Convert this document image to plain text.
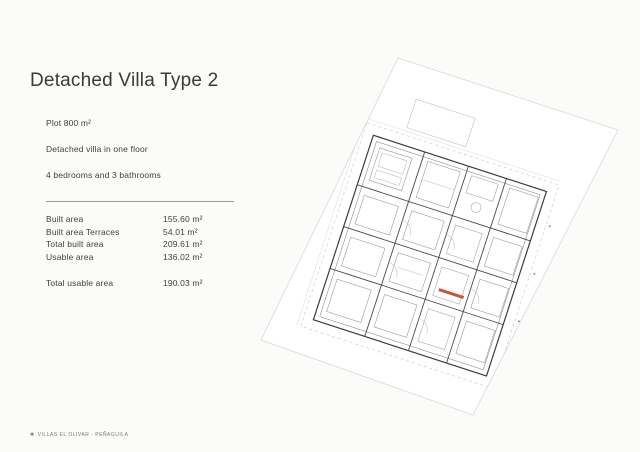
Detached Villa Type 2
Plot 800 m²
Detached villa in one floor
4 bedrooms and 3 bathrooms
Built area	155.60 m²
Built area Terraces	54.01 m²
Total built area	209.61 m²
Usable area	136.02 m²
Total usable area	190.03 m²
✱ VILLAS EL OLIVAR - PEÑAGUILA
